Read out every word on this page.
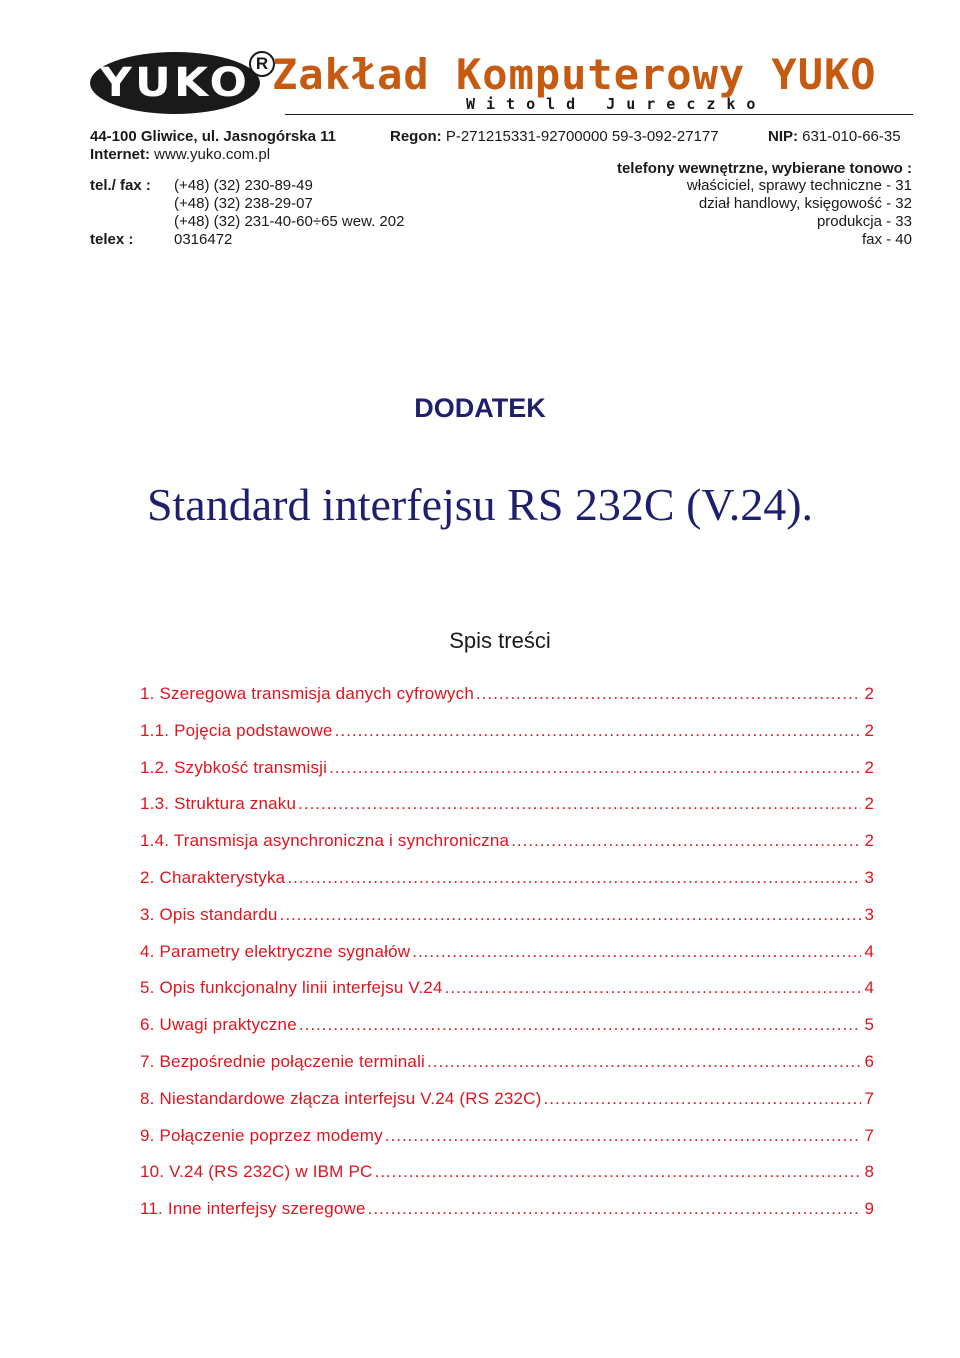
YUKO R Zakład Komputerowy YUKO
Witold Jureczko
44-100 Gliwice, ul. Jasnogórska 11	Regon: P-271215331-92700000 59-3-092-27177	NIP: 631-010-66-35
Internet: www.yuko.com.pl
tel./ fax : (+48) (32) 230-89-49
(+48) (32) 238-29-07
(+48) (32) 231-40-60÷65 wew. 202
telex :	0316472
telefony wewnętrzne, wybierane tonowo :
właściciel, sprawy techniczne - 31
dział handlowy, księgowość - 32
produkcja - 33
fax - 40
DODATEK
Standard interfejsu RS 232C (V.24).
Spis treści
1. Szeregowa transmisja danych cyfrowych .....	2
1.1. Pojęcia podstawowe .....	2
1.2. Szybkość transmisji .....	2
1.3. Struktura znaku .....	2
1.4. Transmisja asynchroniczna i synchroniczna .....	2
2. Charakterystyka .....	3
3. Opis standardu .....	3
4. Parametry elektryczne sygnałów .....	4
5. Opis funkcjonalny linii interfejsu V.24 .....	4
6. Uwagi praktyczne .....	5
7. Bezpośrednie połączenie terminali .....	6
8. Niestandardowe złącza interfejsu V.24 (RS 232C) .....	7
9. Połączenie poprzez modemy .....	7
10. V.24 (RS 232C) w IBM PC .....	8
11. Inne interfejsy szeregowe .....	9
